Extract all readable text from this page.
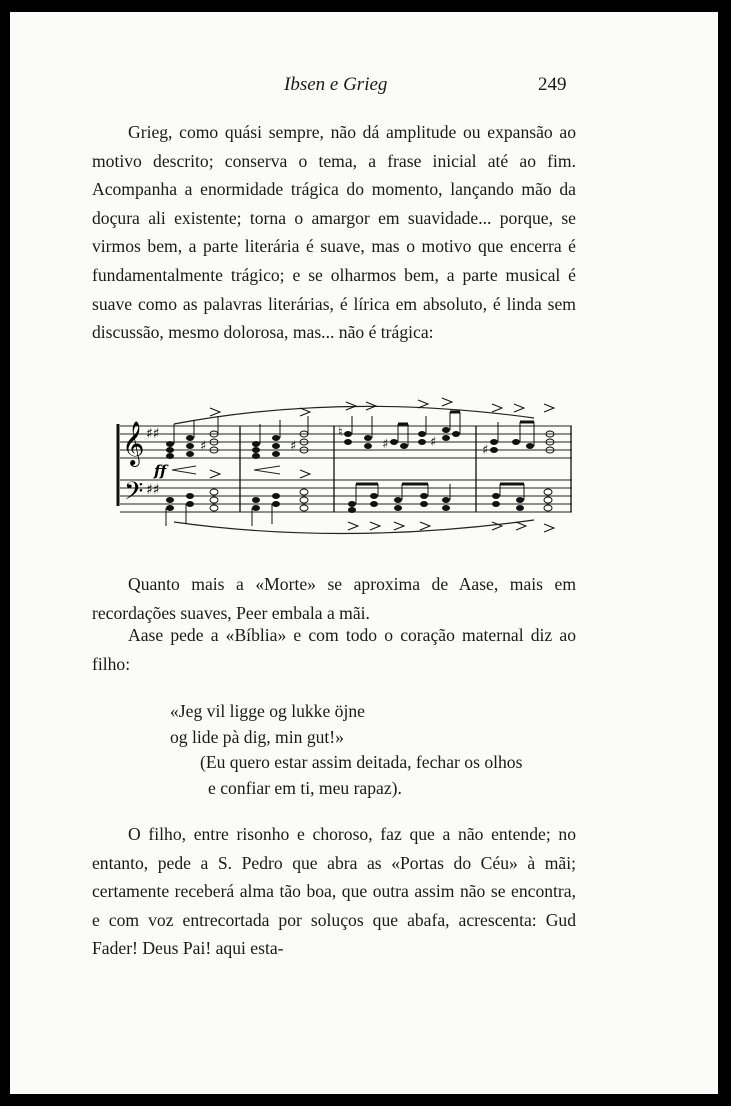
Ibsen e Grieg	249

Grieg, como quási sempre, não dá amplitude ou expansão ao motivo descrito; conserva o tema, a frase inicial até ao fim. Acompanha a enormidade trágica do momento, lançando mão da doçura ali existente; torna o amargor em suavidade... porque, se virmos bem, a parte literária é suave, mas o motivo que encerra é fundamentalmente trágico; e se olharmos bem, a parte musical é suave como as palavras literárias, é lírica em absoluto, é linda sem discussão, mesmo dolorosa, mas... não é trágica:

𝄞
𝄢
♯♯
♯♯
ff
♯	♯	♯	♯
♯
♮

Quanto mais a «Morte» se aproxima de Aase, mais em recordações suaves, Peer embala a mãi.

Aase pede a «Bíblia» e com todo o coração maternal diz ao filho:

«Jeg vil ligge og lukke öjne
og lide pà dig, min gut!»
(Eu quero estar assim deitada, fechar os olhos
e confiar em ti, meu rapaz).

O filho, entre risonho e choroso, faz que a não entende; no entanto, pede a S. Pedro que abra as «Portas do Céu» à mãi; certamente receberá alma tão boa, que outra assim não se encontra, e com voz entrecortada por soluços que abafa, acrescenta: Gud Fader! Deus Pai! aqui esta-
